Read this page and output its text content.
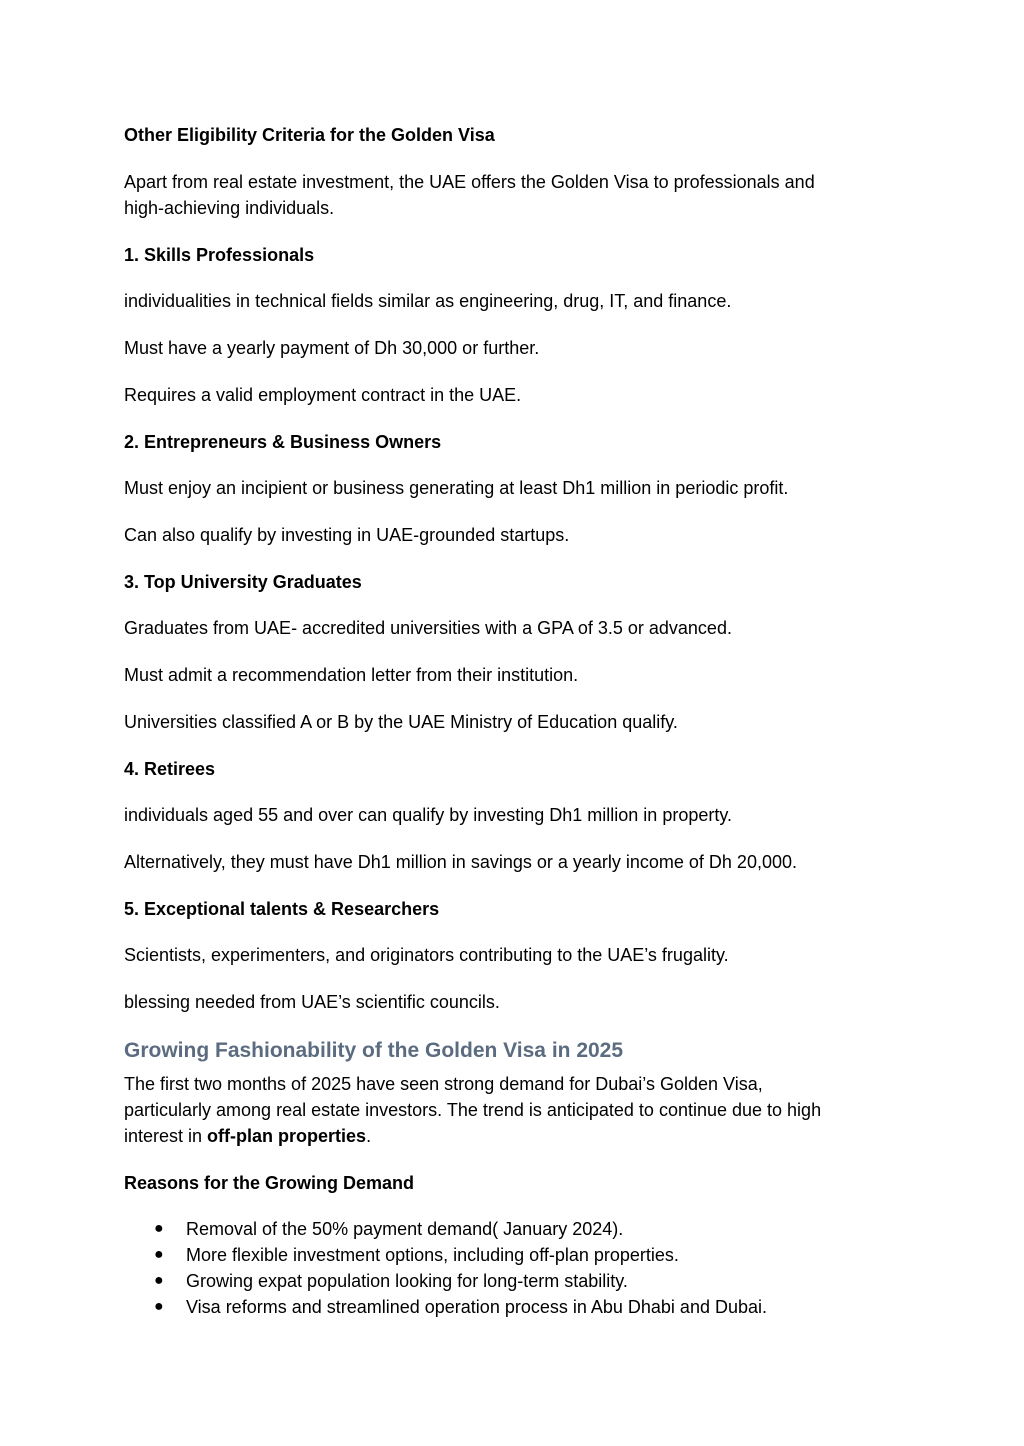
Other Eligibility Criteria for the Golden Visa

Apart from real estate investment, the UAE offers the Golden Visa to professionals and

high-achieving individuals.

1. Skills Professionals

individualities in technical fields similar as engineering, drug, IT, and finance.

Must have a yearly payment of Dh 30,000 or further.

Requires a valid employment contract in the UAE.

2. Entrepreneurs & Business Owners

Must enjoy an incipient or business generating at least Dh1 million in periodic profit.

Can also qualify by investing in UAE-grounded startups.

3. Top University Graduates

Graduates from UAE- accredited universities with a GPA of 3.5 or advanced.

Must admit a recommendation letter from their institution.

Universities classified A or B by the UAE Ministry of Education qualify.

4. Retirees

individuals aged 55 and over can qualify by investing Dh1 million in property.

Alternatively, they must have Dh1 million in savings or a yearly income of Dh 20,000.

5. Exceptional talents & Researchers

Scientists, experimenters, and originators contributing to the UAE’s frugality.

blessing needed from UAE’s scientific councils.

Growing Fashionability of the Golden Visa in 2025

The first two months of 2025 have seen strong demand for Dubai’s Golden Visa,

particularly among real estate investors. The trend is anticipated to continue due to high

interest in off-plan properties.

Reasons for the Growing Demand

● Removal of the 50% payment demand( January 2024).
● More flexible investment options, including off-plan properties.
● Growing expat population looking for long-term stability.
● Visa reforms and streamlined operation process in Abu Dhabi and Dubai.
